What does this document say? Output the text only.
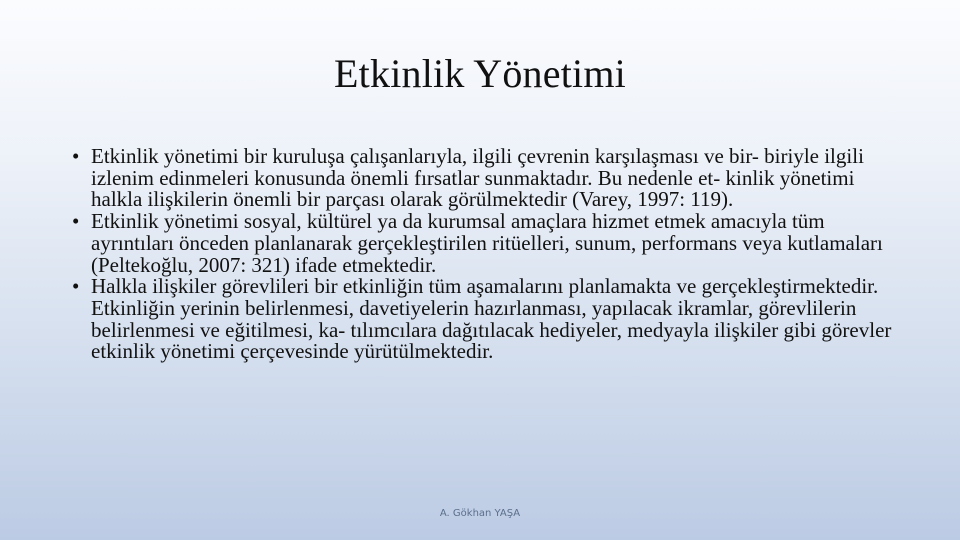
Etkinlik Yönetimi
• Etkinlik yönetimi bir kuruluşa çalışanlarıyla, ilgili çevrenin karşılaşması ve bir- biriyle ilgili izlenim edinmeleri konusunda önemli fırsatlar sunmaktadır. Bu nedenle et- kinlik yönetimi halkla ilişkilerin önemli bir parçası olarak görülmektedir (Varey, 1997: 119).
• Etkinlik yönetimi sosyal, kültürel ya da kurumsal amaçlara hizmet etmek amacıyla tüm ayrıntıları önceden planlanarak gerçekleştirilen ritüelleri, sunum, performans veya kutlamaları (Peltekoğlu, 2007: 321) ifade etmektedir.
• Halkla ilişkiler görevlileri bir etkinliğin tüm aşamalarını planlamakta ve gerçekleştirmektedir. Etkinliğin yerinin belirlenmesi, davetiyelerin hazırlanması, yapılacak ikramlar, görevlilerin belirlenmesi ve eğitilmesi, ka- tılımcılara dağıtılacak hediyeler, medyayla ilişkiler gibi görevler etkinlik yönetimi çerçevesinde yürütülmektedir.
A. Gökhan YAŞA
